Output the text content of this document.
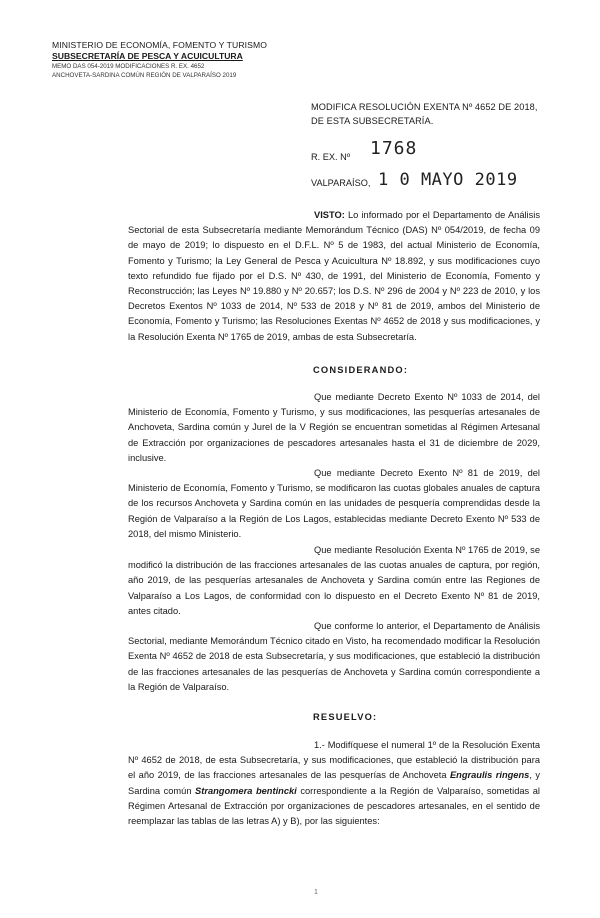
MINISTERIO DE ECONOMÍA, FOMENTO Y TURISMO
SUBSECRETARÍA DE PESCA Y ACUICULTURA
MEMO DAS 054-2019 MODIFICACIONES R. EX. 4652
ANCHOVETA-SARDINA COMÚN REGIÓN DE VALPARAÍSO 2019
MODIFICA RESOLUCIÓN EXENTA Nº 4652 DE 2018,
DE ESTA SUBSECRETARÍA.
R. EX. Nº 1768
VALPARAÍSO, 1 0 MAYO 2019
VISTO: Lo informado por el Departamento de Análisis Sectorial de esta Subsecretaría mediante Memorándum Técnico (DAS) Nº 054/2019, de fecha 09 de mayo de 2019; lo dispuesto en el D.F.L. Nº 5 de 1983, del actual Ministerio de Economía, Fomento y Turismo; la Ley General de Pesca y Acuicultura Nº 18.892, y sus modificaciones cuyo texto refundido fue fijado por el D.S. Nº 430, de 1991, del Ministerio de Economía, Fomento y Reconstrucción; las Leyes Nº 19.880 y Nº 20.657; los D.S. Nº 296 de 2004 y Nº 223 de 2010, y los Decretos Exentos Nº 1033 de 2014, Nº 533 de 2018 y Nº 81 de 2019, ambos del Ministerio de Economía, Fomento y Turismo; las Resoluciones Exentas Nº 4652 de 2018 y sus modificaciones, y la Resolución Exenta Nº 1765 de 2019, ambas de esta Subsecretaría.
CONSIDERANDO:
Que mediante Decreto Exento Nº 1033 de 2014, del Ministerio de Economía, Fomento y Turismo, y sus modificaciones, las pesquerías artesanales de Anchoveta, Sardina común y Jurel de la V Región se encuentran sometidas al Régimen Artesanal de Extracción por organizaciones de pescadores artesanales hasta el 31 de diciembre de 2029, inclusive.
Que mediante Decreto Exento Nº 81 de 2019, del Ministerio de Economía, Fomento y Turismo, se modificaron las cuotas globales anuales de captura de los recursos Anchoveta y Sardina común en las unidades de pesquería comprendidas desde la Región de Valparaíso a la Región de Los Lagos, establecidas mediante Decreto Exento Nº 533 de 2018, del mismo Ministerio.
Que mediante Resolución Exenta Nº 1765 de 2019, se modificó la distribución de las fracciones artesanales de las cuotas anuales de captura, por región, año 2019, de las pesquerías artesanales de Anchoveta y Sardina común entre las Regiones de Valparaíso a Los Lagos, de conformidad con lo dispuesto en el Decreto Exento Nº 81 de 2019, antes citado.
Que conforme lo anterior, el Departamento de Análisis Sectorial, mediante Memorándum Técnico citado en Visto, ha recomendado modificar la Resolución Exenta Nº 4652 de 2018 de esta Subsecretaría, y sus modificaciones, que estableció la distribución de las fracciones artesanales de las pesquerías de Anchoveta y Sardina común correspondiente a la Región de Valparaíso.
RESUELVO:
1.- Modifíquese el numeral 1º de la Resolución Exenta Nº 4652 de 2018, de esta Subsecretaría, y sus modificaciones, que estableció la distribución para el año 2019, de las fracciones artesanales de las pesquerías de Anchoveta Engraulis ringens, y Sardina común Strangomera bentincki correspondiente a la Región de Valparaíso, sometidas al Régimen Artesanal de Extracción por organizaciones de pescadores artesanales, en el sentido de reemplazar las tablas de las letras A) y B), por las siguientes:
1
